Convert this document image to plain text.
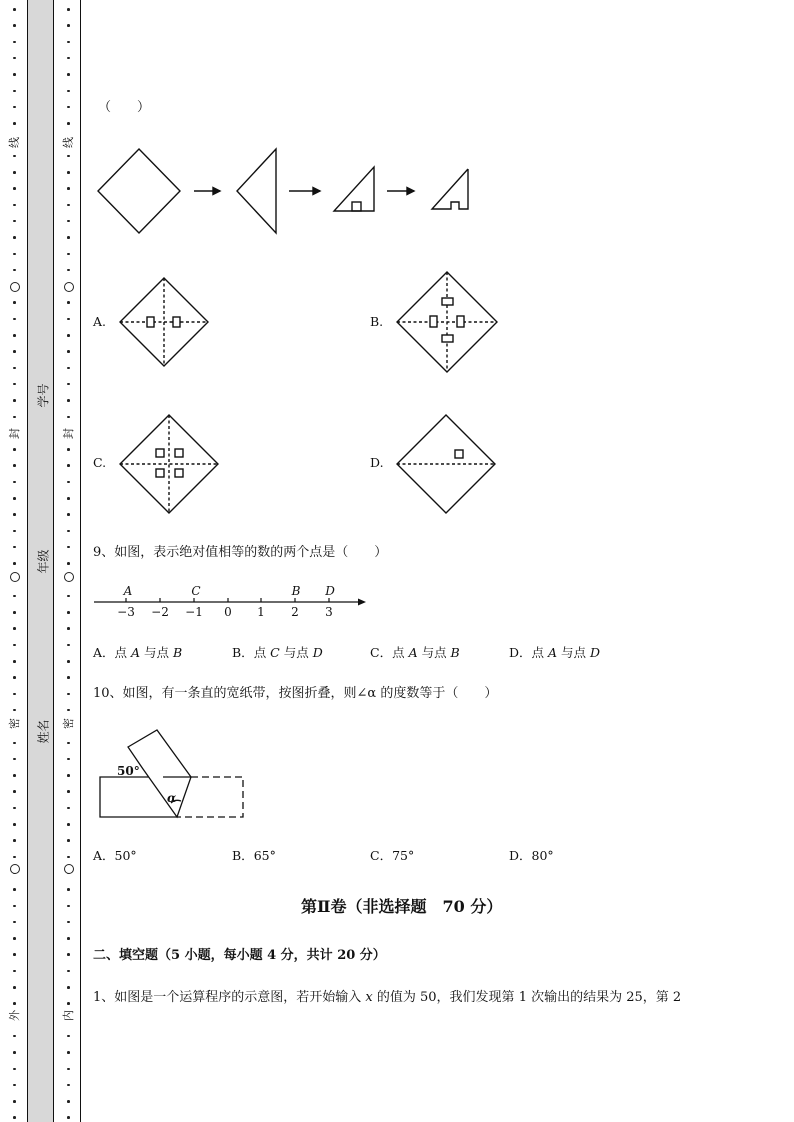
线
封
密
外
线
封
密
内
学号
年级
姓名
（　　）
A.	B.
C.	D.
9、如图，表示绝对值相等的数的两个点是（　　）
A	C	B D
−3 −2 −1 0 1 2 3
A．点 A 与点 B	B．点 C 与点 D	C．点 A 与点 B	D．点 A 与点 D
10、如图，有一条直的宽纸带，按图折叠，则∠α 的度数等于（　　）
50°
α
A．50°	B．65°	C．75°	D．80°
第Ⅱ卷（非选择题　70 分）
二、填空题（5 小题，每小题 4 分，共计 20 分）
1、如图是一个运算程序的示意图，若开始输入 x 的值为 50，我们发现第 1 次输出的结果为 25，第 2
